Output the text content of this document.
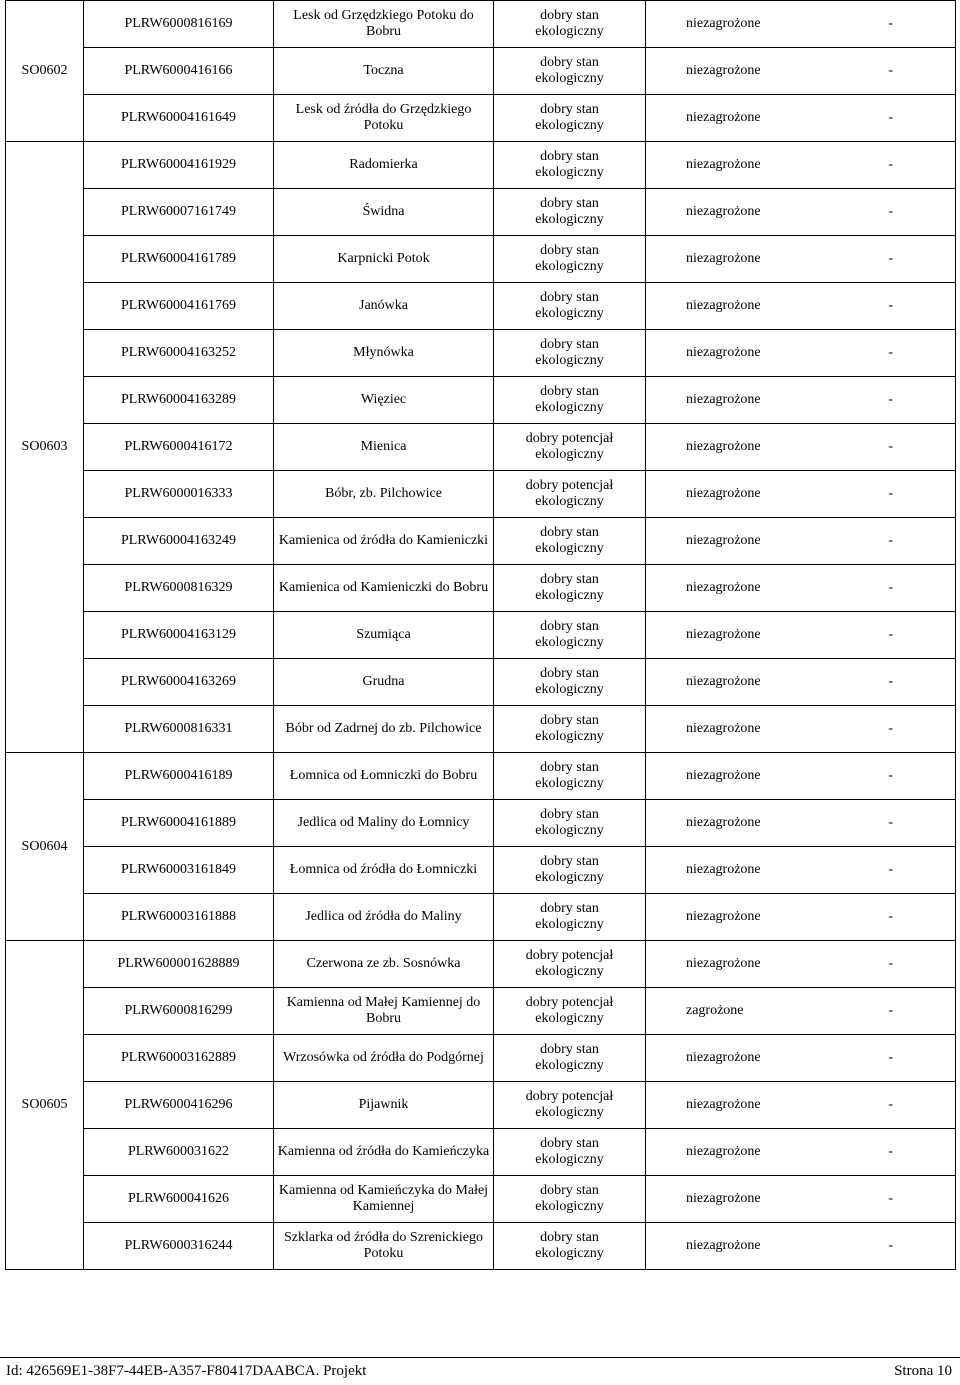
SO0602	PLRW6000816169	Lesk od Grzędzkiego Potoku do Bobru	dobry stan
ekologiczny	niezagrożone -

	PLRW6000416166	Toczna	dobry stan
ekologiczny	niezagrożone -

	PLRW60004161649	Lesk od źródła do Grzędzkiego Potoku	dobry stan
ekologiczny	niezagrożone -

SO0603	PLRW60004161929	Radomierka	dobry stan
ekologiczny	niezagrożone -

	PLRW60007161749	Świdna	dobry stan
ekologiczny	niezagrożone -

	PLRW60004161789	Karpnicki Potok	dobry stan
ekologiczny	niezagrożone -

	PLRW60004161769	Janówka	dobry stan
ekologiczny	niezagrożone -

	PLRW60004163252	Młynówka	dobry stan
ekologiczny	niezagrożone -

	PLRW60004163289	Więziec	dobry stan
ekologiczny	niezagrożone -

	PLRW6000416172	Mienica	dobry potencjał
ekologiczny	niezagrożone -

	PLRW6000016333	Bóbr, zb. Pilchowice	dobry potencjał
ekologiczny	niezagrożone -

	PLRW60004163249	Kamienica od źródła do Kamieniczki	dobry stan
ekologiczny	niezagrożone -

	PLRW6000816329	Kamienica od Kamieniczki do Bobru	dobry stan
ekologiczny	niezagrożone -

	PLRW60004163129	Szumiąca	dobry stan
ekologiczny	niezagrożone -

	PLRW60004163269	Grudna	dobry stan
ekologiczny	niezagrożone -

	PLRW6000816331	Bóbr od Zadrnej do zb. Pilchowice	dobry stan
ekologiczny	niezagrożone -

SO0604	PLRW6000416189	Łomnica od Łomniczki do Bobru	dobry stan
ekologiczny	niezagrożone -

	PLRW60004161889	Jedlica od Maliny do Łomnicy	dobry stan
ekologiczny	niezagrożone -

	PLRW60003161849	Łomnica od źródła do Łomniczki	dobry stan
ekologiczny	niezagrożone -

	PLRW60003161888	Jedlica od źródła do Maliny	dobry stan
ekologiczny	niezagrożone -

SO0605	PLRW600001628889	Czerwona ze zb. Sosnówka	dobry potencjał
ekologiczny	niezagrożone -

	PLRW6000816299	Kamienna od Małej Kamiennej do
Bobru	dobry potencjał
ekologiczny	zagrożone -

	PLRW60003162889	Wrzosówka od źródła do Podgórnej	dobry stan
ekologiczny	niezagrożone -

	PLRW6000416296	Pijawnik	dobry potencjał
ekologiczny	niezagrożone -

	PLRW600031622	Kamienna od źródła do Kamieńczyka	dobry stan
ekologiczny	niezagrożone -

	PLRW600041626	Kamienna od Kamieńczyka do Małej
Kamiennej	dobry stan
ekologiczny	niezagrożone -

	PLRW6000316244	Szklarka od źródła do Szrenickiego
Potoku	dobry stan
ekologiczny	niezagrożone -
Id: 426569E1-38F7-44EB-A357-F80417DAABCA. Projekt	Strona 10
